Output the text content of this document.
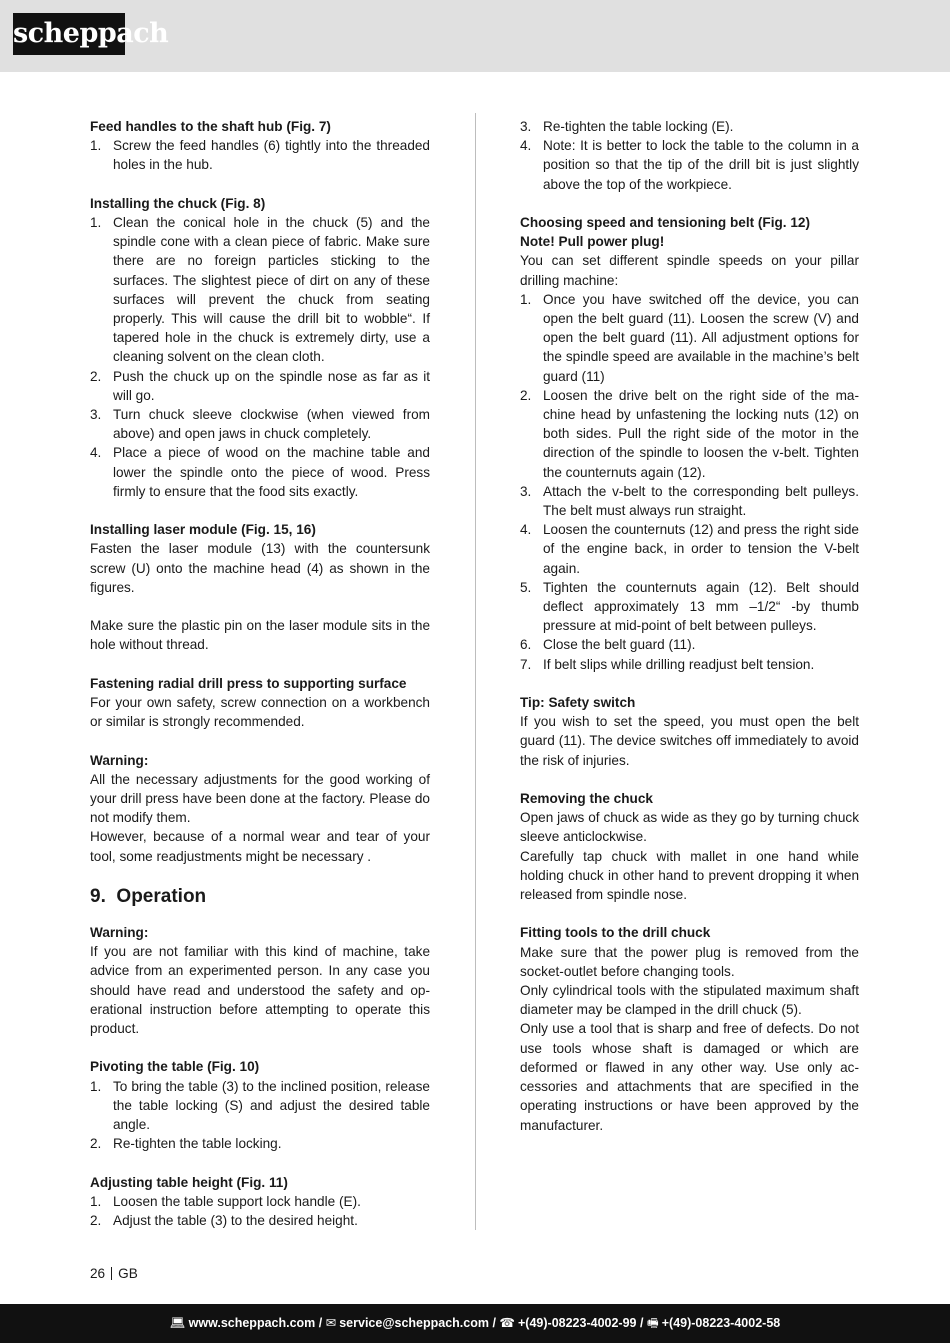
scheppach
Feed handles to the shaft hub (Fig. 7)
1. Screw the feed handles (6) tightly into the threaded holes in the hub.
Installing the chuck (Fig. 8)
1. Clean the conical hole in the chuck (5) and the spindle cone with a clean piece of fabric. Make sure there are no foreign particles sticking to the surfaces. The slightest piece of dirt on any of these surfaces will prevent the chuck from seating properly. This will cause the drill bit to wobble“. If tapered hole in the chuck is extremely dirty, use a cleaning solvent on the clean cloth.
2. Push the chuck up on the spindle nose as far as it will go.
3. Turn chuck sleeve clockwise (when viewed from above) and open jaws in chuck completely.
4. Place a piece of wood on the machine table and lower the spindle onto the piece of wood. Press firmly to ensure that the food sits exactly.
Installing laser module (Fig. 15, 16)
Fasten the laser module (13) with the countersunk screw (U) onto the machine head (4) as shown in the figures.
Make sure the plastic pin on the laser module sits in the hole without thread.
Fastening radial drill press to supporting surface
For your own safety, screw connection on a workbench or similar is strongly recommended.
Warning:
All the necessary adjustments for the good working of your drill press have been done at the factory. Please do not modify them.
However, because of a normal wear and tear of your tool, some readjustments might be necessary .
9. Operation
Warning:
If you are not familiar with this kind of machine, take advice from an experimented person. In any case you should have read and understood the safety and operational instruction before attempting to operate this product.
Pivoting the table (Fig. 10)
1. To bring the table (3) to the inclined position, release the table locking (S) and adjust the desired table angle.
2. Re-tighten the table locking.
Adjusting table height (Fig. 11)
1. Loosen the table support lock handle (E).
2. Adjust the table (3) to the desired height.
3. Re-tighten the table locking (E).
4. Note: It is better to lock the table to the column in a position so that the tip of the drill bit is just slightly above the top of the workpiece.
Choosing speed and tensioning belt (Fig. 12)
Note! Pull power plug!
You can set different spindle speeds on your pillar drilling machine:
1. Once you have switched off the device, you can open the belt guard (11). Loosen the screw (V) and open the belt guard (11). All adjustment options for the spindle speed are available in the machine’s belt guard (11)
2. Loosen the drive belt on the right side of the machine head by unfastening the locking nuts (12) on both sides. Pull the right side of the motor in the direction of the spindle to loosen the v-belt. Tighten the counternuts again (12).
3. Attach the v-belt to the corresponding belt pulleys. The belt must always run straight.
4. Loosen the counternuts (12) and press the right side of the engine back, in order to tension the V-belt again.
5. Tighten the counternuts again (12). Belt should deflect approximately 13 mm –1/2“ -by thumb pressure at mid-point of belt between pulleys.
6. Close the belt guard (11).
7. If belt slips while drilling readjust belt tension.
Tip: Safety switch
If you wish to set the speed, you must open the belt guard (11). The device switches off immediately to avoid the risk of injuries.
Removing the chuck
Open jaws of chuck as wide as they go by turning chuck sleeve anticlockwise.
Carefully tap chuck with mallet in one hand while holding chuck in other hand to prevent dropping it when released from spindle nose.
Fitting tools to the drill chuck
Make sure that the power plug is removed from the socket-outlet before changing tools.
Only cylindrical tools with the stipulated maximum shaft diameter may be clamped in the drill chuck (5).
Only use a tool that is sharp and free of defects. Do not use tools whose shaft is damaged or which are deformed or flawed in any other way. Use only accessories and attachments that are specified in the operating instructions or have been approved by the manufacturer.
26 GB
💻︎ www.scheppach.com / ✉︎ service@scheppach.com / ☎︎ +(49)-08223-4002-99 / 🖷︎ +(49)-08223-4002-58
